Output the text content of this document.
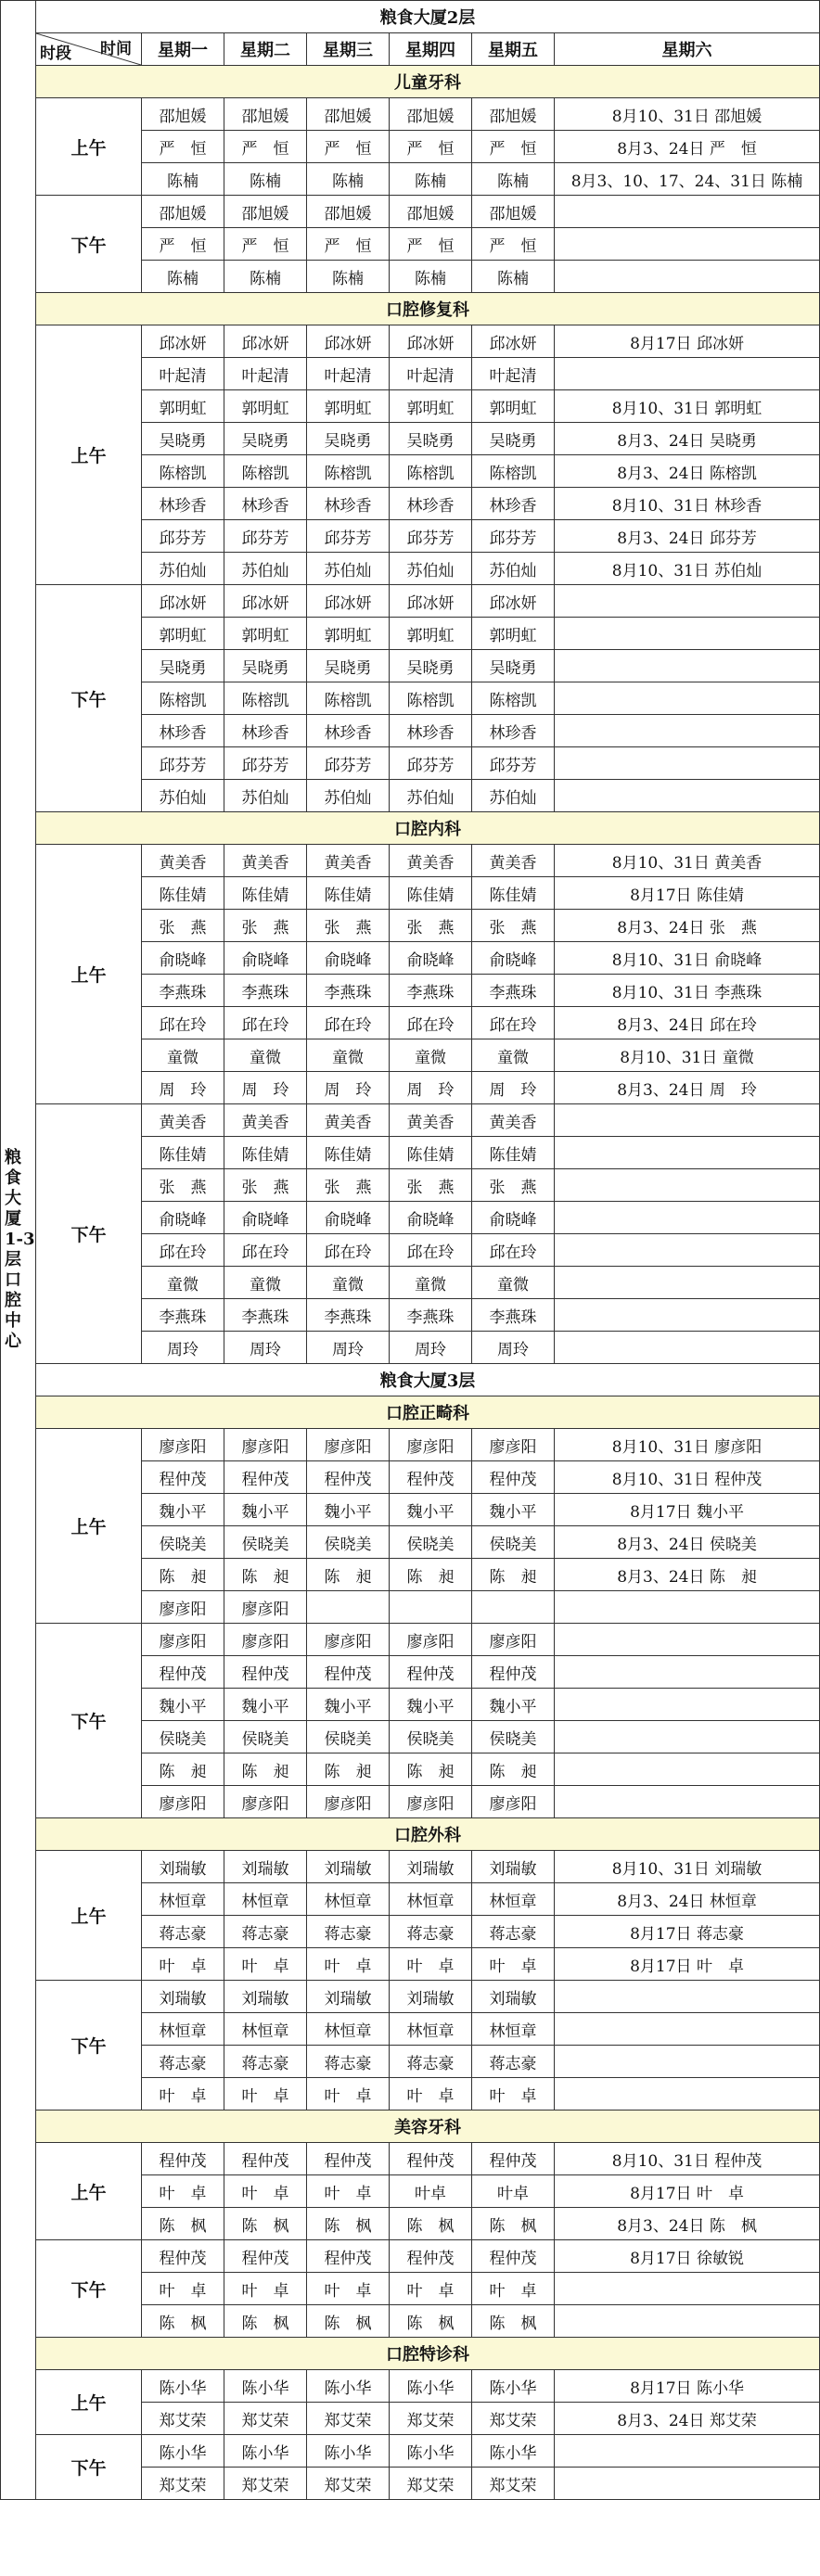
粮食大厦1-3层口腔中心	粮食大厦2层						

	时间
时段	星期一	星期二	星期三	星期四	星期五	星期六
	儿童牙科						
	上午	邵旭媛	邵旭媛	邵旭媛	邵旭媛	邵旭媛	8月10、31日 邵旭媛
		严　恒	严　恒	严　恒	严　恒	严　恒	8月3、24日 严　恒
		陈楠	陈楠	陈楠	陈楠	陈楠	8月3、10、17、24、31日 陈楠
	下午	邵旭媛	邵旭媛	邵旭媛	邵旭媛	邵旭媛	
		严　恒	严　恒	严　恒	严　恒	严　恒	
		陈楠	陈楠	陈楠	陈楠	陈楠	
	口腔修复科						
	上午	邱冰妍	邱冰妍	邱冰妍	邱冰妍	邱冰妍	8月17日 邱冰妍
		叶起清	叶起清	叶起清	叶起清	叶起清	
		郭明虹	郭明虹	郭明虹	郭明虹	郭明虹	8月10、31日 郭明虹
		吴晓勇	吴晓勇	吴晓勇	吴晓勇	吴晓勇	8月3、24日 吴晓勇
		陈榕凯	陈榕凯	陈榕凯	陈榕凯	陈榕凯	8月3、24日 陈榕凯
		林珍香	林珍香	林珍香	林珍香	林珍香	8月10、31日 林珍香
		邱芬芳	邱芬芳	邱芬芳	邱芬芳	邱芬芳	8月3、24日 邱芬芳
		苏伯灿	苏伯灿	苏伯灿	苏伯灿	苏伯灿	8月10、31日 苏伯灿
	下午	邱冰妍	邱冰妍	邱冰妍	邱冰妍	邱冰妍	
		郭明虹	郭明虹	郭明虹	郭明虹	郭明虹	
		吴晓勇	吴晓勇	吴晓勇	吴晓勇	吴晓勇	
		陈榕凯	陈榕凯	陈榕凯	陈榕凯	陈榕凯	
		林珍香	林珍香	林珍香	林珍香	林珍香	
		邱芬芳	邱芬芳	邱芬芳	邱芬芳	邱芬芳	
		苏伯灿	苏伯灿	苏伯灿	苏伯灿	苏伯灿	
	口腔内科						
	上午	黄美香	黄美香	黄美香	黄美香	黄美香	8月10、31日 黄美香
		陈佳婧	陈佳婧	陈佳婧	陈佳婧	陈佳婧	8月17日 陈佳婧
		张　燕	张　燕	张　燕	张　燕	张　燕	8月3、24日 张　燕
		俞晓峰	俞晓峰	俞晓峰	俞晓峰	俞晓峰	8月10、31日 俞晓峰
		李燕珠	李燕珠	李燕珠	李燕珠	李燕珠	8月10、31日 李燕珠
		邱在玲	邱在玲	邱在玲	邱在玲	邱在玲	8月3、24日 邱在玲
		童微	童微	童微	童微	童微	8月10、31日 童微
		周　玲	周　玲	周　玲	周　玲	周　玲	8月3、24日 周　玲
	下午	黄美香	黄美香	黄美香	黄美香	黄美香	
		陈佳婧	陈佳婧	陈佳婧	陈佳婧	陈佳婧	
		张　燕	张　燕	张　燕	张　燕	张　燕	
		俞晓峰	俞晓峰	俞晓峰	俞晓峰	俞晓峰	
		邱在玲	邱在玲	邱在玲	邱在玲	邱在玲	
		童微	童微	童微	童微	童微	
		李燕珠	李燕珠	李燕珠	李燕珠	李燕珠	
		周玲	周玲	周玲	周玲	周玲	
	粮食大厦3层						
	口腔正畸科						
	上午	廖彦阳	廖彦阳	廖彦阳	廖彦阳	廖彦阳	8月10、31日 廖彦阳
		程仲茂	程仲茂	程仲茂	程仲茂	程仲茂	8月10、31日 程仲茂
		魏小平	魏小平	魏小平	魏小平	魏小平	8月17日 魏小平
		侯晓美	侯晓美	侯晓美	侯晓美	侯晓美	8月3、24日 侯晓美
		陈　昶	陈　昶	陈　昶	陈　昶	陈　昶	8月3、24日 陈　昶
		廖彦阳	廖彦阳				
	下午	廖彦阳	廖彦阳	廖彦阳	廖彦阳	廖彦阳	
		程仲茂	程仲茂	程仲茂	程仲茂	程仲茂	
		魏小平	魏小平	魏小平	魏小平	魏小平	
		侯晓美	侯晓美	侯晓美	侯晓美	侯晓美	
		陈　昶	陈　昶	陈　昶	陈　昶	陈　昶	
		廖彦阳	廖彦阳	廖彦阳	廖彦阳	廖彦阳	
	口腔外科						
	上午	刘瑞敏	刘瑞敏	刘瑞敏	刘瑞敏	刘瑞敏	8月10、31日 刘瑞敏
		林恒章	林恒章	林恒章	林恒章	林恒章	8月3、24日 林恒章
		蒋志豪	蒋志豪	蒋志豪	蒋志豪	蒋志豪	8月17日 蒋志豪
		叶　卓	叶　卓	叶　卓	叶　卓	叶　卓	8月17日 叶　卓
	下午	刘瑞敏	刘瑞敏	刘瑞敏	刘瑞敏	刘瑞敏	
		林恒章	林恒章	林恒章	林恒章	林恒章	
		蒋志豪	蒋志豪	蒋志豪	蒋志豪	蒋志豪	
		叶　卓	叶　卓	叶　卓	叶　卓	叶　卓	
	美容牙科						
	上午	程仲茂	程仲茂	程仲茂	程仲茂	程仲茂	8月10、31日 程仲茂
		叶　卓	叶　卓	叶　卓	叶卓	叶卓	8月17日 叶　卓
		陈　枫	陈　枫	陈　枫	陈　枫	陈　枫	8月3、24日 陈　枫
	下午	程仲茂	程仲茂	程仲茂	程仲茂	程仲茂	8月17日 徐敏锐
		叶　卓	叶　卓	叶　卓	叶　卓	叶　卓	
		陈　枫	陈　枫	陈　枫	陈　枫	陈　枫	
	口腔特诊科						
	上午	陈小华	陈小华	陈小华	陈小华	陈小华	8月17日 陈小华
		郑艾荣	郑艾荣	郑艾荣	郑艾荣	郑艾荣	8月3、24日 郑艾荣
	下午	陈小华	陈小华	陈小华	陈小华	陈小华	
		郑艾荣	郑艾荣	郑艾荣	郑艾荣	郑艾荣	
